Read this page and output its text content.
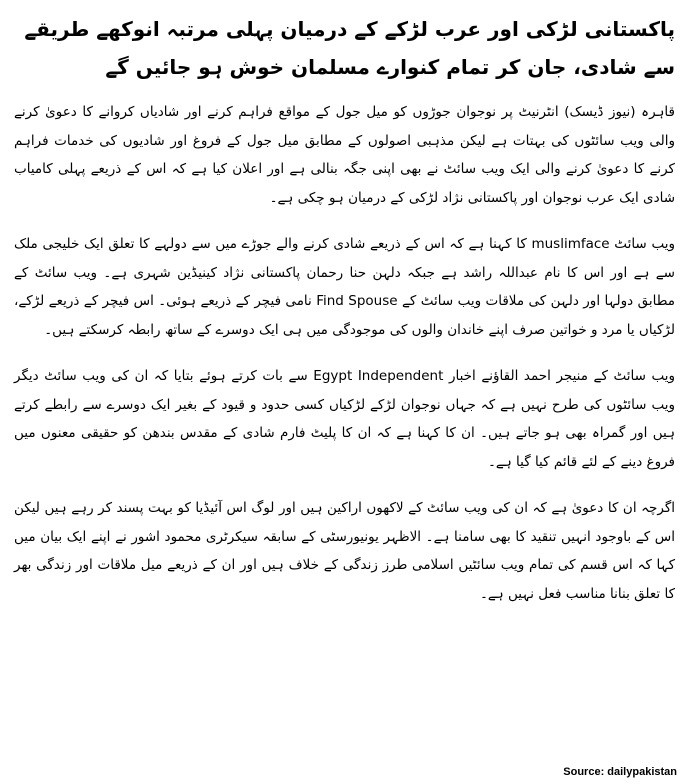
پاکستانی لڑکی اور عرب لڑکے کے درمیان پہلی مرتبہ انوکھے طریقے سے شادی، جان کر تمام کنوارے مسلمان خوش ہو جائیں گے

قاہرہ (نیوز ڈیسک) انٹرنیٹ پر نوجوان جوڑوں کو میل جول کے مواقع فراہم کرنے اور شادیاں کروانے کا دعویٰ کرنے والی ویب سائٹوں کی بہتات ہے لیکن مذہبی اصولوں کے مطابق میل جول کے فروغ اور شادیوں کی خدمات فراہم کرنے کا دعویٰ کرنے والی ایک ویب سائٹ نے بھی اپنی جگہ بنالی ہے اور اعلان کیا ہے کہ اس کے ذریعے پہلی کامیاب شادی ایک عرب نوجوان اور پاکستانی نژاد لڑکی کے درمیان ہو چکی ہے۔

ویب سائٹ muslimface کا کہنا ہے کہ اس کے ذریعے شادی کرنے والے جوڑے میں سے دولہے کا تعلق ایک خلیجی ملک سے ہے اور اس کا نام عبداللہ راشد ہے جبکہ دلہن حنا رحمان پاکستانی نژاد کینیڈین شہری ہے۔ ویب سائٹ کے مطابق دولہا اور دلہن کی ملاقات ویب سائٹ کے Find Spouse نامی فیچر کے ذریعے ہوئی۔ اس فیچر کے ذریعے لڑکے، لڑکیاں یا مرد و خواتین صرف اپنے خاندان والوں کی موجودگی میں ہی ایک دوسرے کے ساتھ رابطہ کرسکتے ہیں۔

ویب سائٹ کے منیجر احمد القاؤنے اخبار Egypt Independent سے بات کرتے ہوئے بتایا کہ ان کی ویب سائٹ دیگر ویب سائٹوں کی طرح نہیں ہے کہ جہاں نوجوان لڑکے لڑکیاں کسی حدود و قیود کے بغیر ایک دوسرے سے رابطے کرتے ہیں اور گمراہ بھی ہو جاتے ہیں۔ ان کا کہنا ہے کہ ان کا پلیٹ فارم شادی کے مقدس بندھن کو حقیقی معنوں میں فروغ دینے کے لئے قائم کیا گیا ہے۔

اگرچہ ان کا دعویٰ ہے کہ ان کی ویب سائٹ کے لاکھوں اراکین ہیں اور لوگ اس آئیڈیا کو بہت پسند کر رہے ہیں لیکن اس کے باوجود انہیں تنقید کا بھی سامنا ہے۔ الاظہر یونیورسٹی کے سابقہ سیکرٹری محمود اشور نے اپنے ایک بیان میں کہا کہ اس قسم کی تمام ویب سائٹیں اسلامی طرز زندگی کے خلاف ہیں اور ان کے ذریعے میل ملاقات اور زندگی بھر کا تعلق بنانا مناسب فعل نہیں ہے۔

Source: dailypakistan
